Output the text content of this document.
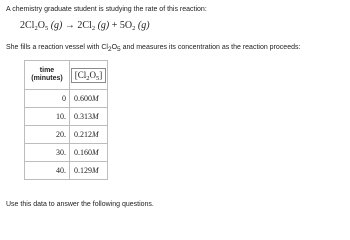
A chemistry graduate student is studying the rate of this reaction:
$2Cl_2O_5$ $(g) \to 2Cl_2$ $(g) + 5O_2$ (g)
She fills a reaction vessel with Cl2O5 and measures its concentration as the reaction proceeds:
time
(minutes)	$[Cl_2O_5]$
0	0.600M
10.	0.313M
20.	0.212M
30.	0.160M
40.	0.129M
Use this data to answer the following questions.
